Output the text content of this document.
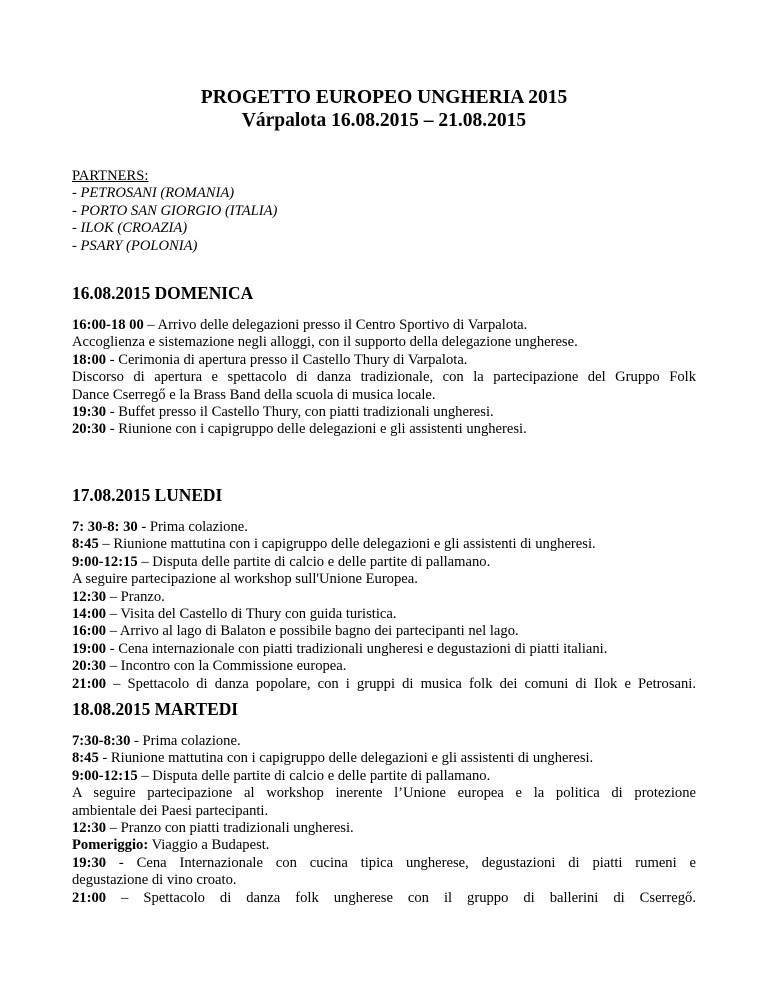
PROGETTO EUROPEO UNGHERIA 2015

Várpalota 16.08.2015 – 21.08.2015

PARTNERS:
- PETROSANI (ROMANIA)
- PORTO SAN GIORGIO (ITALIA)
- ILOK (CROAZIA)
- PSARY (POLONIA)
16.08.2015 DOMENICA
16:00-18 00 – Arrivo delle delegazioni presso il Centro Sportivo di Varpalota.
Accoglienza e sistemazione negli alloggi, con il supporto della delegazione ungherese.
18:00 - Cerimonia di apertura presso il Castello Thury di Varpalota.
Discorso di apertura e spettacolo di danza tradizionale, con la partecipazione del Gruppo Folk
Dance Cserregő e la Brass Band della scuola di musica locale.
19:30 - Buffet presso il Castello Thury, con piatti tradizionali ungheresi.
20:30 - Riunione con i capigruppo delle delegazioni e gli assistenti ungheresi.
17.08.2015 LUNEDI
7: 30-8: 30 - Prima colazione.
8:45 – Riunione mattutina con i capigruppo delle delegazioni e gli assistenti di ungheresi.
9:00-12:15 – Disputa delle partite di calcio e delle partite di pallamano.
A seguire partecipazione al workshop sull'Unione Europea.
12:30 – Pranzo.
14:00 – Visita del Castello di Thury con guida turistica.
16:00 – Arrivo al lago di Balaton e possibile bagno dei partecipanti nel lago.
19:00 - Cena internazionale con piatti tradizionali ungheresi e degustazioni di piatti italiani.
20:30 – Incontro con la Commissione europea.
21:00 – Spettacolo di danza popolare, con i gruppi di musica folk dei comuni di Ilok e Petrosani.
18.08.2015 MARTEDI
7:30-8:30 - Prima colazione.
8:45 - Riunione mattutina con i capigruppo delle delegazioni e gli assistenti di ungheresi.
9:00-12:15 – Disputa delle partite di calcio e delle partite di pallamano.
A seguire partecipazione al workshop inerente l’Unione europea e la politica di protezione
ambientale dei Paesi partecipanti.
12:30 – Pranzo con piatti tradizionali ungheresi.
Pomeriggio: Viaggio a Budapest.
19:30 - Cena Internazionale con cucina tipica ungherese, degustazioni di piatti rumeni e
degustazione di vino croato.
21:00 – Spettacolo di danza folk ungherese con il gruppo di ballerini di Cserregő.
